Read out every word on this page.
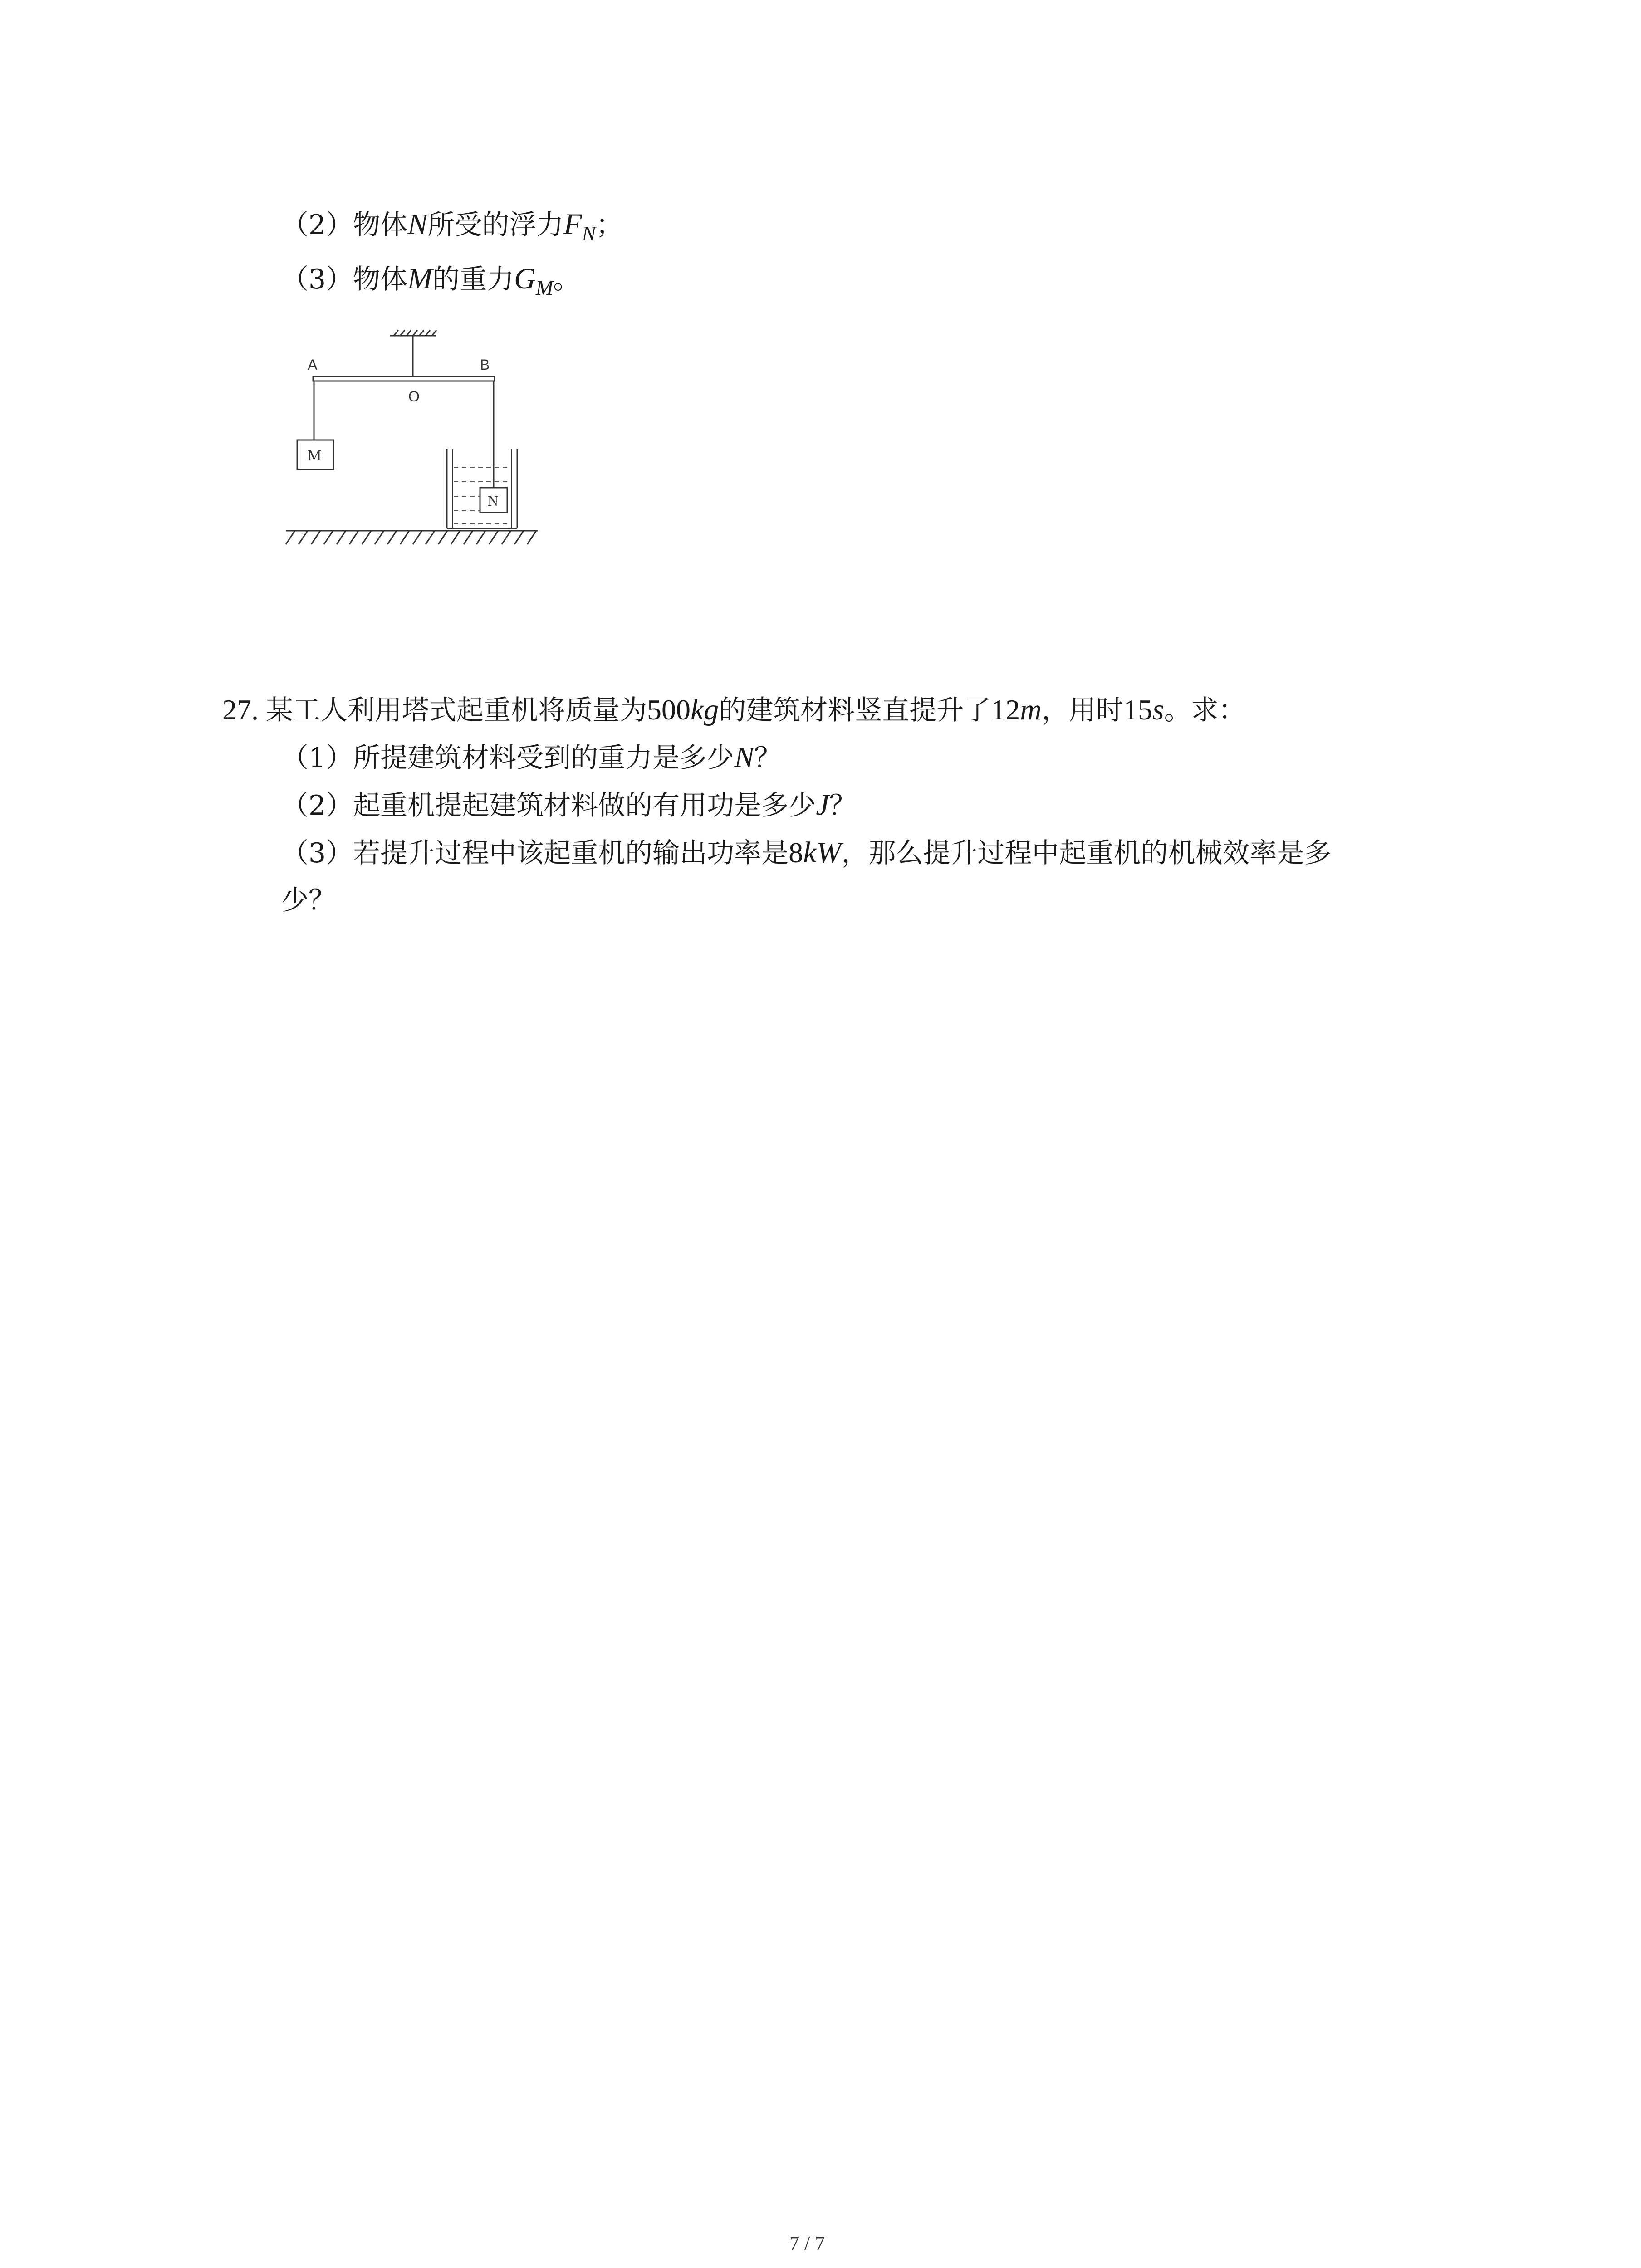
（2）物体N所受的浮力$F_N$；
（3）物体M的重力$G_M$。
A	B
O
M
N
27. 某工人利用塔式起重机将质量为500kg的建筑材料竖直提升了12m，用时15s。求：
（1）所提建筑材料受到的重力是多少N？
（2）起重机提起建筑材料做的有用功是多少J？
（3）若提升过程中该起重机的输出功率是8kW，那么提升过程中起重机的机械效率是多
少？
7 / 7
